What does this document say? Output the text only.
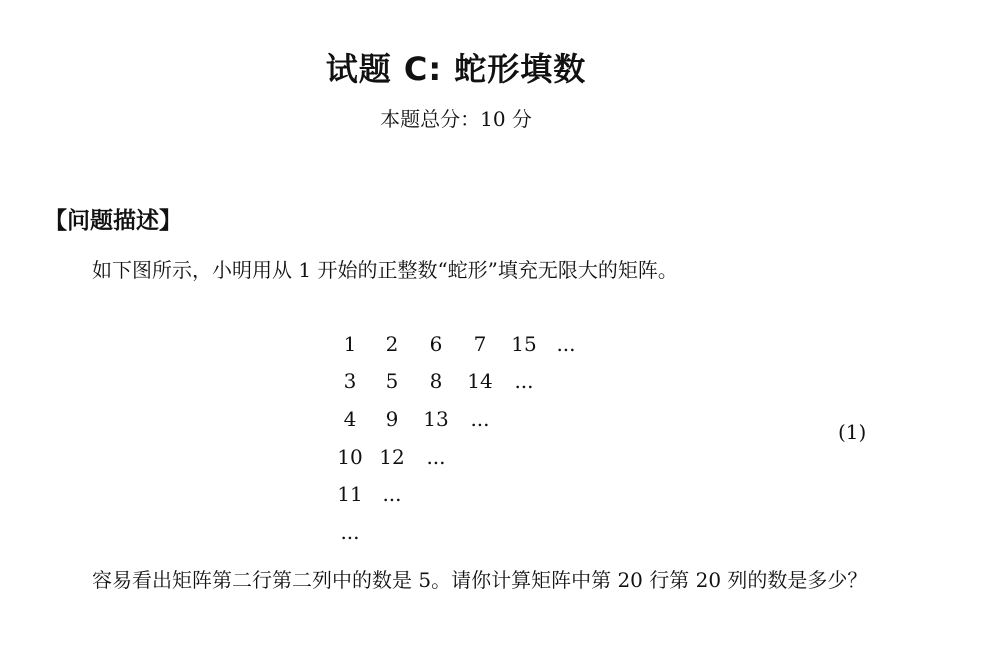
试题 C: 蛇形填数

本题总分：10 分

【问题描述】

如下图所示，小明用从 1 开始的正整数“蛇形”填充无限大的矩阵。

1	2	6	7	15	...
3	5	8	14	...	
4	9	13	...		
10	12	...			
11	...				
...					
(1)

容易看出矩阵第二行第二列中的数是 5。请你计算矩阵中第 20 行第 20 列的数是多少？
